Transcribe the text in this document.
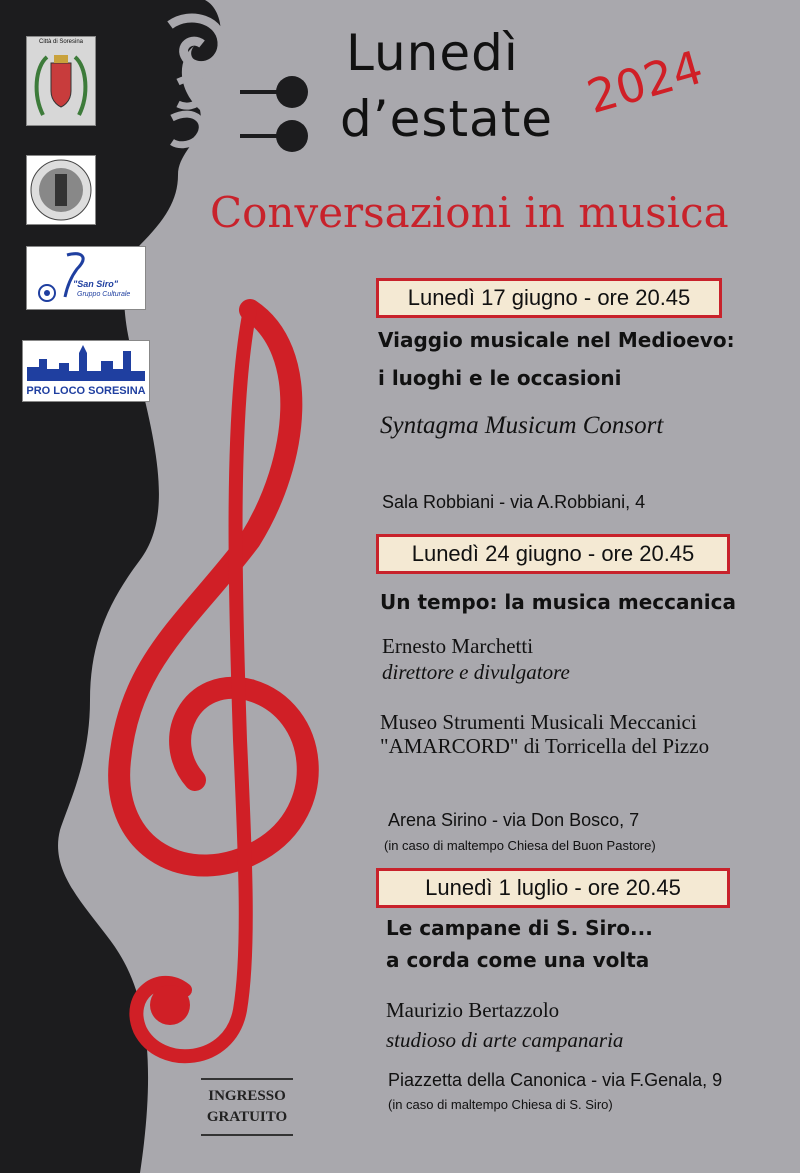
Città di Soresina
"San Siro"
Gruppo Culturale
PRO LOCO SORESINA
Lunedì
d’estate 2024
Conversazioni in musica
Lunedì 17 giugno - ore 20.45
Viaggio musicale nel Medioevo:
i luoghi e le occasioni
Syntagma Musicum Consort
Sala Robbiani - via A.Robbiani, 4
Lunedì 24 giugno - ore 20.45
Un tempo: la musica meccanica
Ernesto Marchetti
direttore e divulgatore
Museo Strumenti Musicali Meccanici
"AMARCORD" di Torricella del Pizzo
Arena Sirino - via Don Bosco, 7
(in caso di maltempo Chiesa del Buon Pastore)
Lunedì 1 luglio - ore 20.45
Le campane di S. Siro...
a corda come una volta
Maurizio Bertazzolo
studioso di arte campanaria
Piazzetta della Canonica - via F.Genala, 9
(in caso di maltempo Chiesa di S. Siro)
INGRESSO
GRATUITO
